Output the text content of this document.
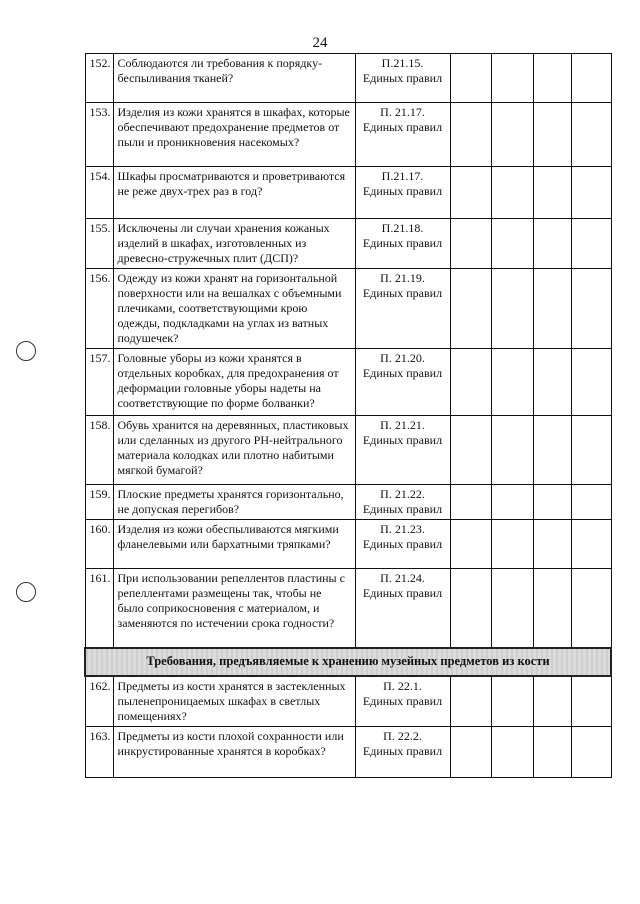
24
152.	Соблюдаются ли требования к порядку-беспыливания тканей?	П.21.15.
Единых правил				

153.	Изделия из кожи хранятся в шкафах, которые обеспечивают предохранение предметов от пыли и проникновения насекомых?	П. 21.17.
Единых правил				

154.	Шкафы просматриваются и проветриваются не реже двух-трех раз в год?	П.21.17.
Единых правил				

155.	Исключены ли случаи хранения кожаных изделий в шкафах, изготовленных из древесно-стружечных плит (ДСП)?	П.21.18.
Единых правил				

156.	Одежду из кожи хранят на горизонтальной поверхности или на вешалках с объемными плечиками, соответствующими крою одежды, подкладками на углах из ватных подушечек?	П. 21.19.
Единых правил				

157.	Головные уборы из кожи хранятся в отдельных коробках, для предохранения от деформации головные уборы надеты на соответствующие по форме болванки?	П. 21.20.
Единых правил				

158.	Обувь хранится на деревянных, пластиковых или сделанных из другого РН-нейтрального материала колодках или плотно набитыми мягкой бумагой?	П. 21.21.
Единых правил				

159.	Плоские предметы хранятся горизонтально, не допуская перегибов?	П. 21.22.
Единых правил				

160.	Изделия из кожи обеспыливаются мягкими фланелевыми или бархатными тряпками?	П. 21.23.
Единых правил				

161.	При использовании репеллентов пластины с репеллентами размещены так, чтобы не было соприкосновения с материалом, и заменяются по истечении срока годности?	П. 21.24.
Единых правил				

Требования, предъявляемые к хранению музейных предметов из кости						
162.	Предметы из кости хранятся в застекленных пыленепроницаемых шкафах в светлых помещениях?	П. 22.1.
Единых правил				

163.	Предметы из кости плохой сохранности или инкрустированные хранятся в коробках?	П. 22.2.
Единых правил				
